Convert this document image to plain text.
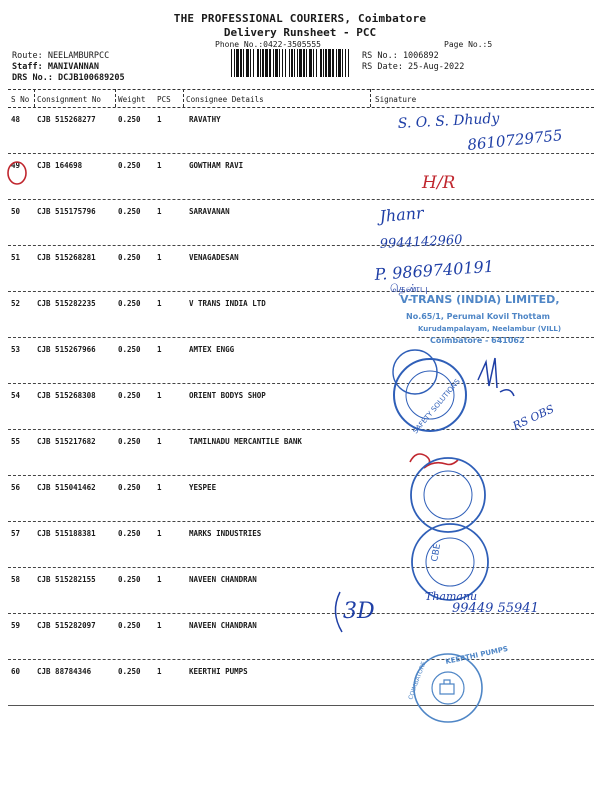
THE PROFESSIONAL COURIERS, Coimbatore
Delivery Runsheet - PCC
Phone No.:0422-3505555	Page No.:5
Route: NEELAMBURPCC
Staff: MANIVANNAN
DRS No.: DCJB100689205
RS No.: 1006892
RS Date: 25-Aug-2022
S No Consignment No Weight PCS Consignee Details	Signature
48 CJB 515268277	0.250 1	RAVATHY
49 CJB 164698	0.250 1	GOWTHAM RAVI
50 CJB 515175796	0.250 1	SARAVANAN
51 CJB 515268281	0.250 1	VENAGADESAN
52 CJB 515282235	0.250 1	V TRANS INDIA LTD
53 CJB 515267966	0.250 1	AMTEX ENGG
54 CJB 515268308	0.250 1	ORIENT BODYS SHOP
55 CJB 515217682	0.250 1	TAMILNADU MERCANTILE BANK
56 CJB 515041462	0.250 1	YESPEE
57 CJB 515188381	0.250 1	MARKS INDUSTRIES
58 CJB 515282155	0.250 1	NAVEEN CHANDRAN
59 CJB 515282097	0.250 1	NAVEEN CHANDRAN
60 CJB 88784346	0.250 1	KEERTHI PUMPS
S. O. S. Dhudy
8610729755
H/R
Jhanr
9944142960
P. 9869740191
தெண்பு
V-TRANS (INDIA) LIMITED,
No.65/1, Perumal Kovil Thottam
Kurudampalayam, Neelambur (VILL)
Coimbatore - 641062
SAFETY SOLUTIONS	RS OBS
CBE
Thamanu
99449 55941
3D
KEERTHI PUMPS
COIMBATORE
